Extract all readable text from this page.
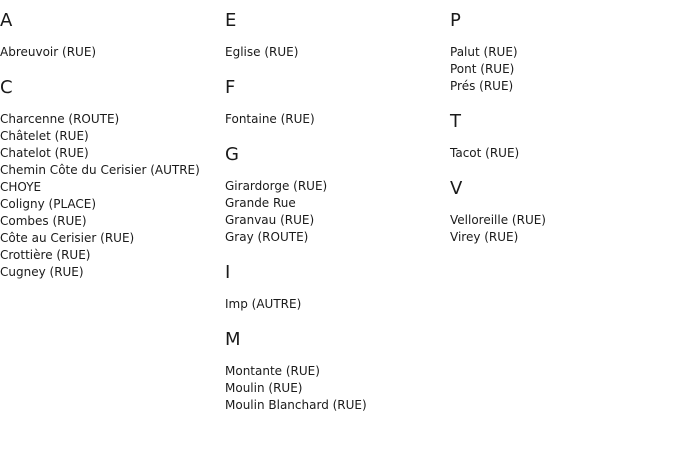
A
Abreuvoir (RUE)
C
Charcenne (ROUTE)
Châtelet (RUE)
Chatelot (RUE)
Chemin Côte du Cerisier (AUTRE)
CHOYE
Coligny (PLACE)
Combes (RUE)
Côte au Cerisier (RUE)
Crottière (RUE)
Cugney (RUE)
E
Eglise (RUE)
F
Fontaine (RUE)
G
Girardorge (RUE)
Grande Rue
Granvau (RUE)
Gray (ROUTE)
I
Imp (AUTRE)
M
Montante (RUE)
Moulin (RUE)
Moulin Blanchard (RUE)
P
Palut (RUE)
Pont (RUE)
Prés (RUE)
T
Tacot (RUE)
V
Velloreille (RUE)
Virey (RUE)
